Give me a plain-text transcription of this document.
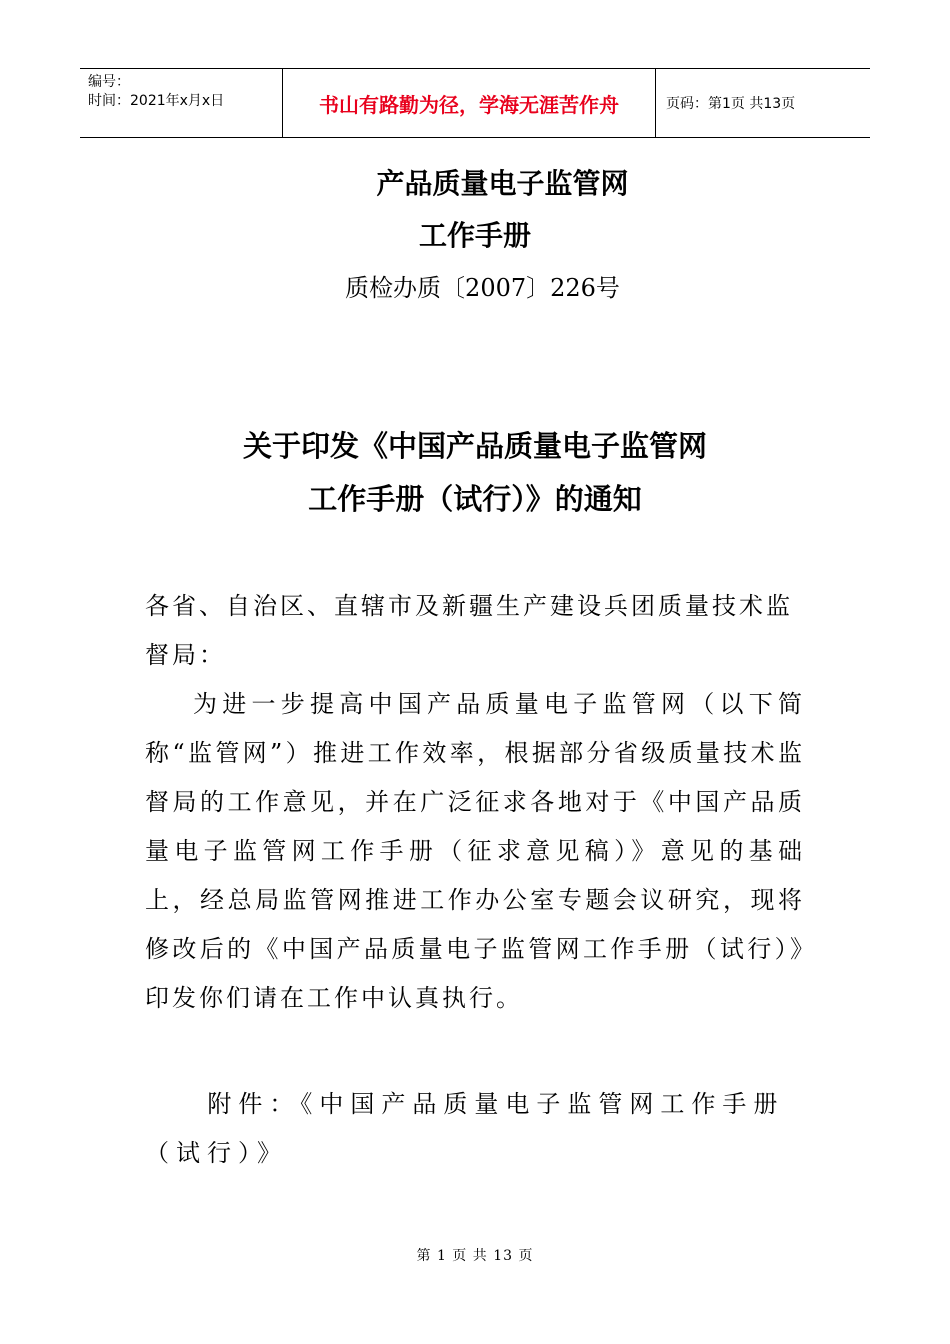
编号：
时间：2021年x月x日	书山有路勤为径，学海无涯苦作舟	页码：第1页 共13页
产品质量电子监管网
工作手册
质检办质〔2007〕226号
关于印发《中国产品质量电子监管网
工作手册（试行）》的通知
各省、自治区、直辖市及新疆生产建设兵团质量技术监督局：
为进一步提高中国产品质量电子监管网（以下简称“监管网”）推进工作效率，根据部分省级质量技术监督局的工作意见，并在广泛征求各地对于《中国产品质量电子监管网工作手册（征求意见稿）》意见的基础上，经总局监管网推进工作办公室专题会议研究，现将修改后的《中国产品质量电子监管网工作手册（试行）》印发你们请在工作中认真执行。
附件：《中国产品质量电子监管网工作手册（试行）》
第 1 页 共 13 页
